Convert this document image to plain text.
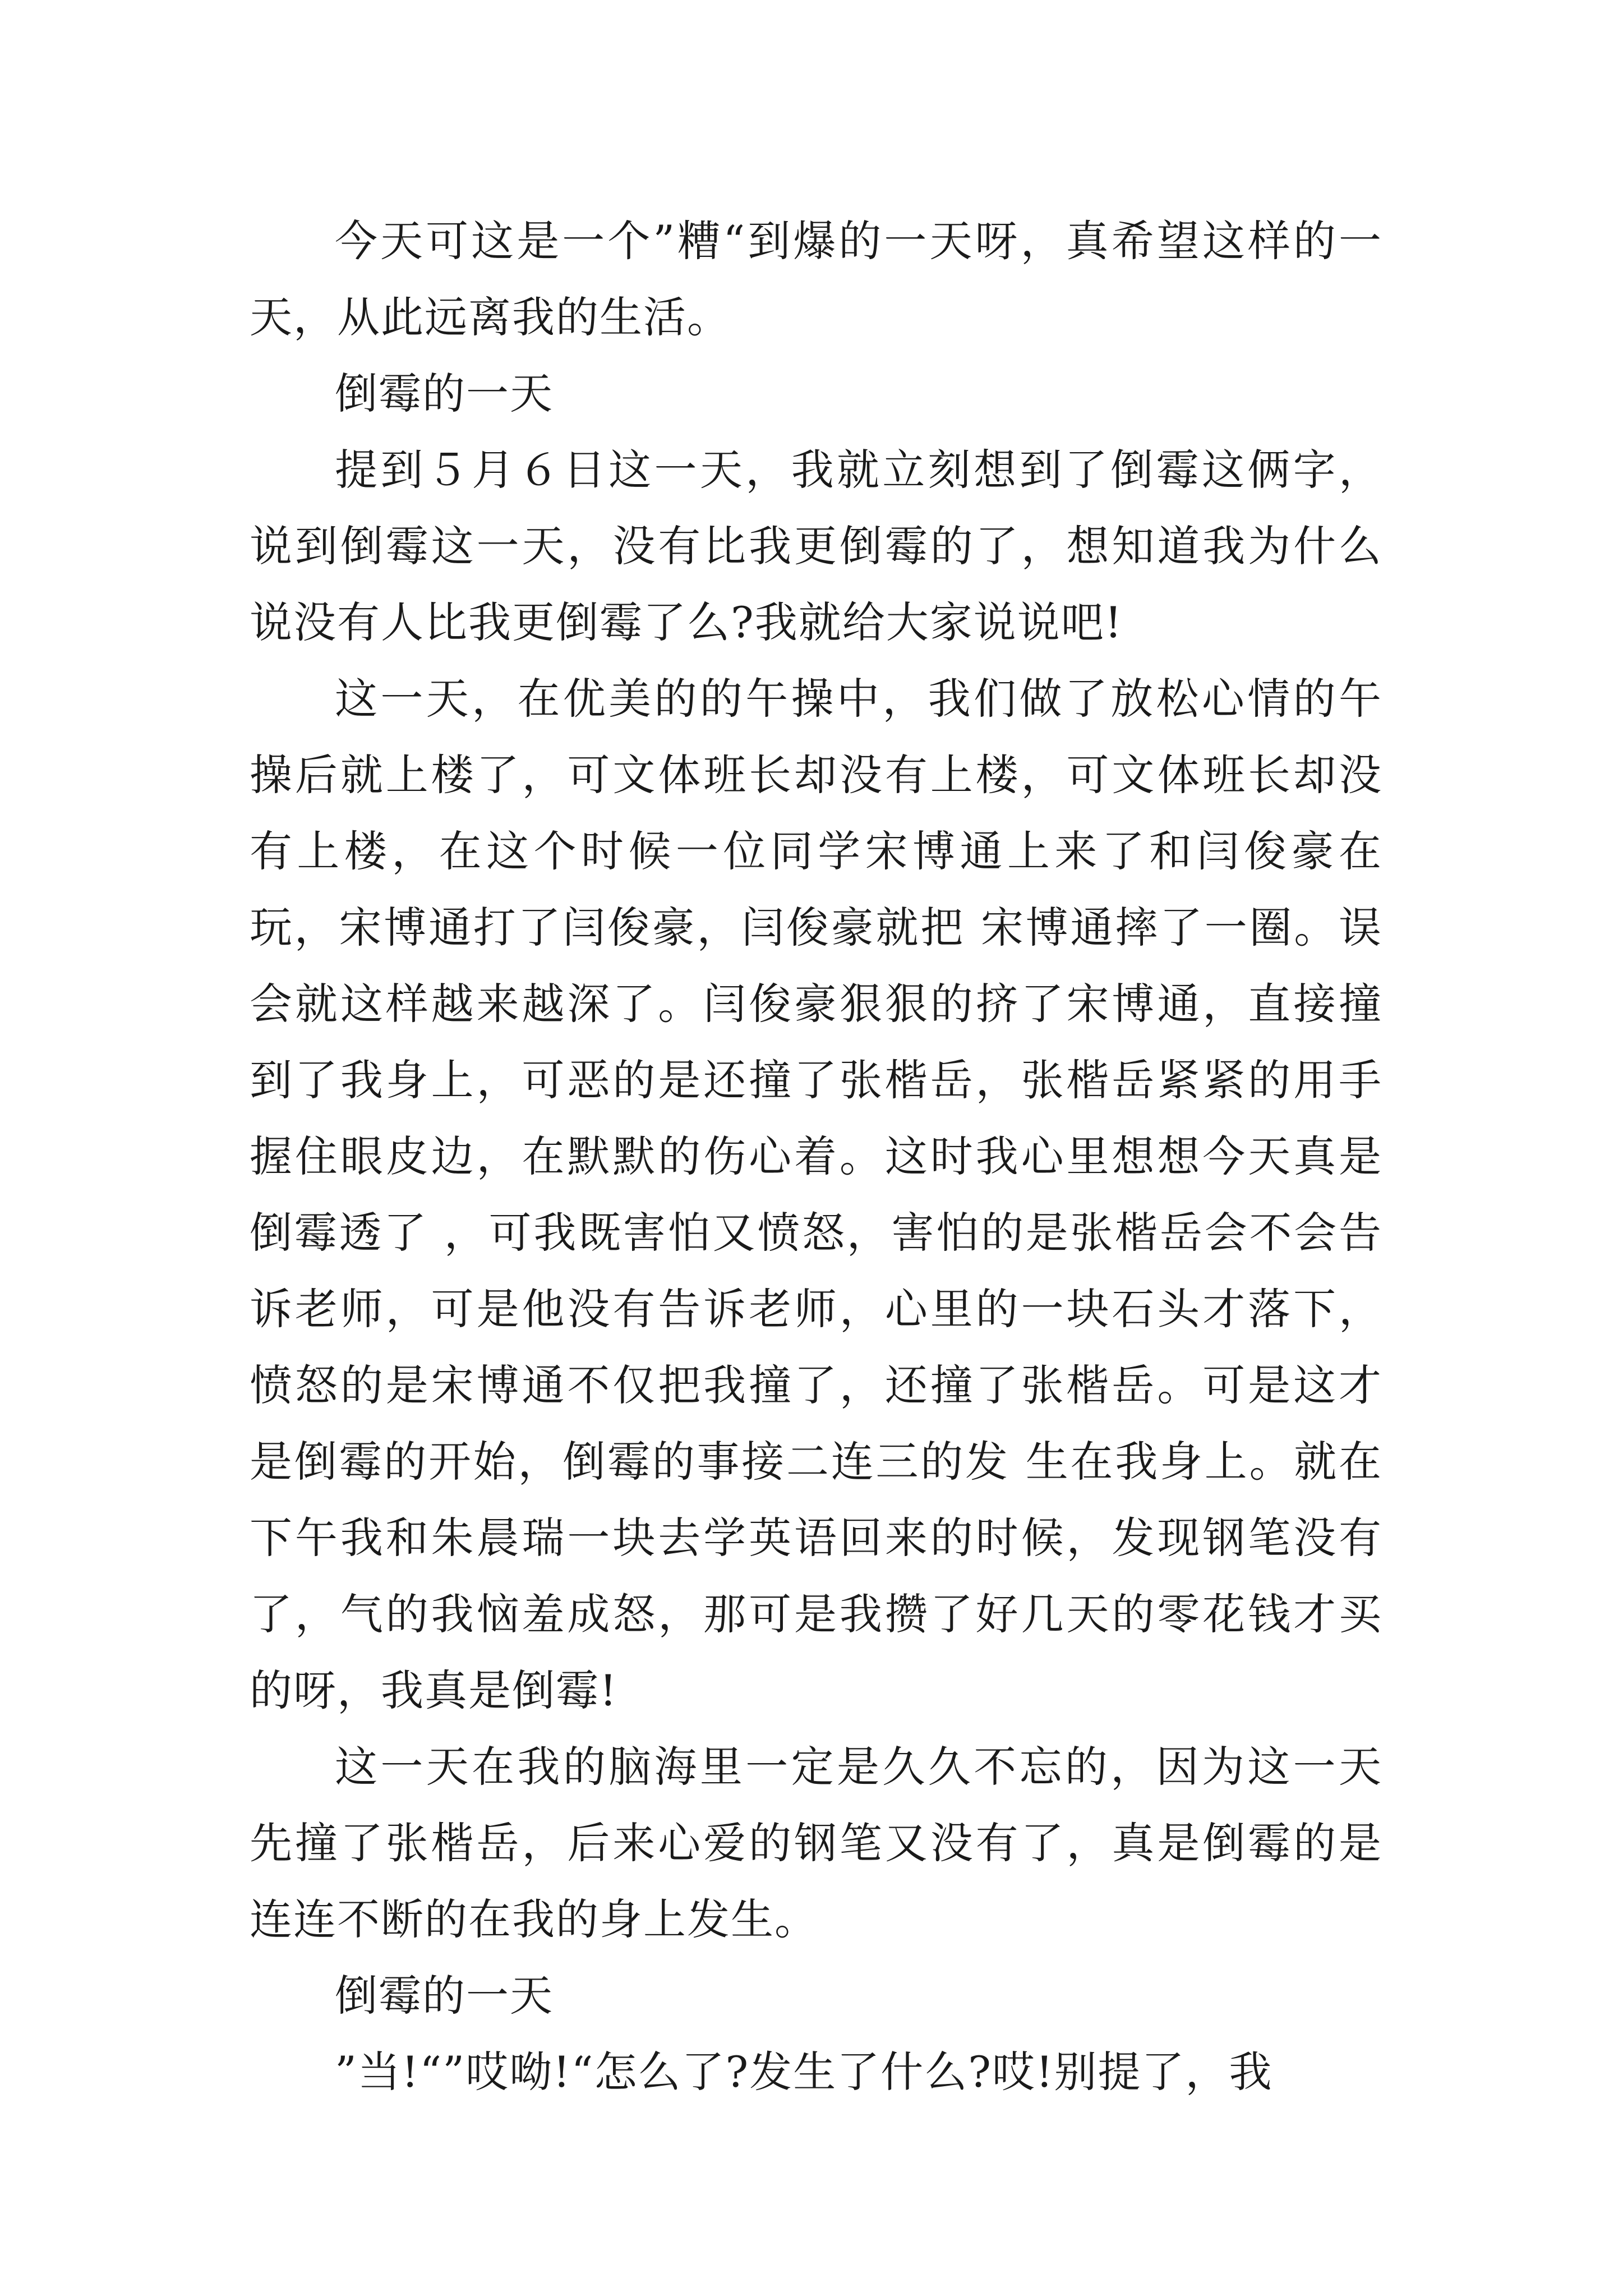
今天可这是一个”糟“到爆的一天呀，真希望这样的一天，从此远离我的生活。

倒霉的一天

提到５月６日这一天，我就立刻想到了倒霉这俩字，说到倒霉这一天，没有比我更倒霉的了，想知道我为什么说没有人比我更倒霉了么?我就给大家说说吧!

这一天，在优美的的午操中，我们做了放松心情的午操后就上楼了，可文体班长却没有上楼，可文体班长却没有上楼，在这个时候一位同学宋博通上来了和闫俊豪在玩，宋博通打了闫俊豪，闫俊豪就把 宋博通摔了一圈。误会就这样越来越深了。闫俊豪狠狠的挤了宋博通，直接撞到了我身上，可恶的是还撞了张楷岳，张楷岳紧紧的用手握住眼皮边，在默默的伤心着。这时我心里想想今天真是倒霉透了 ，可我既害怕又愤怒，害怕的是张楷岳会不会告诉老师，可是他没有告诉老师，心里的一块石头才落下，愤怒的是宋博通不仅把我撞了，还撞了张楷岳。可是这才是倒霉的开始，倒霉的事接二连三的发 生在我身上。就在下午我和朱晨瑞一块去学英语回来的时候，发现钢笔没有了，气的我恼羞成怒，那可是我攒了好几天的零花钱才买的呀，我真是倒霉!

这一天在我的脑海里一定是久久不忘的，因为这一天先撞了张楷岳，后来心爱的钢笔又没有了，真是倒霉的是连连不断的在我的身上发生。

倒霉的一天

”当!“”哎呦!“怎么了?发生了什么?哎!别提了，我
